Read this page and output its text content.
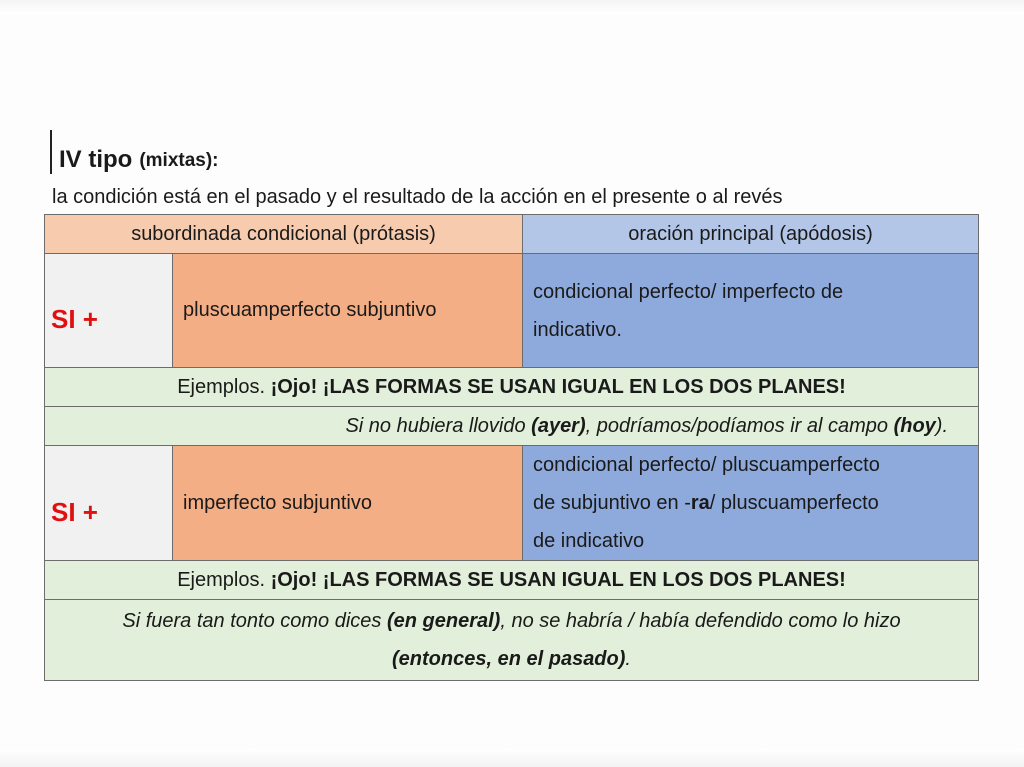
IV tipo (mixtas):
la condición está en el pasado y el resultado de la acción en el presente o al revés
subordinada condicional (prótasis)		oración principal (apódosis)

SI +	pluscuamperfecto subjuntivo	condicional perfecto/ imperfecto de
indicativo.

Ejemplos. ¡Ojo! ¡LAS FORMAS SE USAN IGUAL EN LOS DOS PLANES!		
Si no hubiera llovido (ayer), podríamos/podíamos ir al campo (hoy).		

SI +	imperfecto subjuntivo	condicional perfecto/ pluscuamperfecto
de subjuntivo en -ra/ pluscuamperfecto
de indicativo

Ejemplos. ¡Ojo! ¡LAS FORMAS SE USAN IGUAL EN LOS DOS PLANES!		

Si fuera tan tonto como dices (en general), no se habría / había defendido como lo hizo
(entonces, en el pasado).		
